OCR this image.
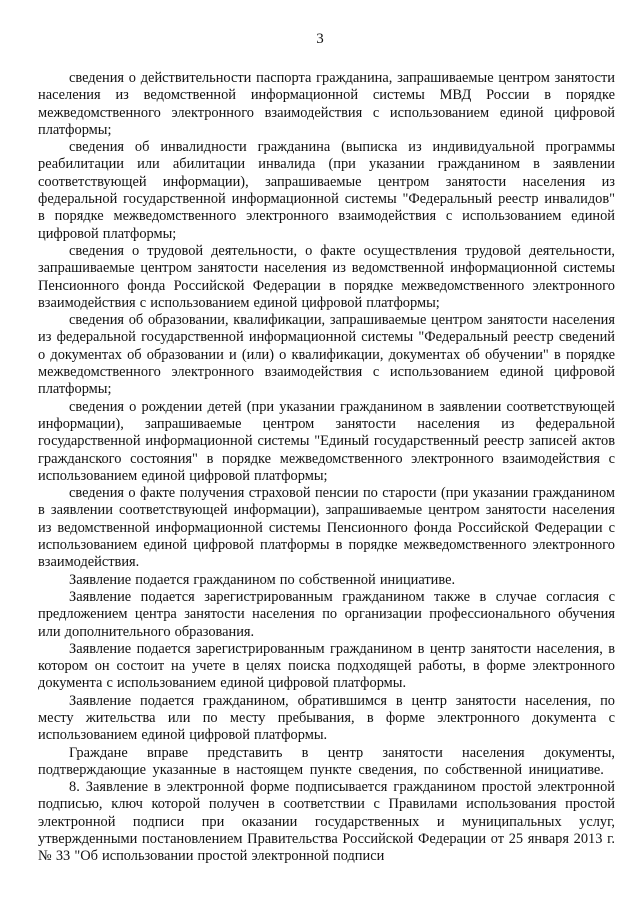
3

сведения о действительности паспорта гражданина, запрашиваемые центром занятости населения из ведомственной информационной системы МВД России в порядке межведомственного электронного взаимодействия с использованием единой цифровой платформы;

сведения об инвалидности гражданина (выписка из индивидуальной программы реабилитации или абилитации инвалида (при указании гражданином в заявлении соответствующей информации), запрашиваемые центром занятости населения из федеральной государственной информационной системы "Федеральный реестр инвалидов" в порядке межведомственного электронного взаимодействия с использованием единой цифровой платформы;

сведения о трудовой деятельности, о факте осуществления трудовой деятельности, запрашиваемые центром занятости населения из ведомственной информационной системы Пенсионного фонда Российской Федерации в порядке межведомственного электронного взаимодействия с использованием единой цифровой платформы;

сведения об образовании, квалификации, запрашиваемые центром занятости населения из федеральной государственной информационной системы "Федеральный реестр сведений о документах об образовании и (или) о квалификации, документах об обучении" в порядке межведомственного электронного взаимодействия с использованием единой цифровой платформы;

сведения о рождении детей (при указании гражданином в заявлении соответствующей информации), запрашиваемые центром занятости населения из федеральной государственной информационной системы "Единый государственный реестр записей актов гражданского состояния" в порядке межведомственного электронного взаимодействия с использованием единой цифровой платформы;

сведения о факте получения страховой пенсии по старости (при указании гражданином в заявлении соответствующей информации), запрашиваемые центром занятости населения из ведомственной информационной системы Пенсионного фонда Российской Федерации с использованием единой цифровой платформы в порядке межведомственного электронного взаимодействия.

Заявление подается гражданином по собственной инициативе.

Заявление подается зарегистрированным гражданином также в случае согласия с предложением центра занятости населения по организации профессионального обучения или дополнительного образования.

Заявление подается зарегистрированным гражданином в центр занятости населения, в котором он состоит на учете в целях поиска подходящей работы, в форме электронного документа с использованием единой цифровой платформы.

Заявление подается гражданином, обратившимся в центр занятости населения, по месту жительства или по месту пребывания, в форме электронного документа с использованием единой цифровой платформы.

Граждане вправе представить в центр занятости населения документы, подтверждающие указанные в настоящем пункте сведения, по собственной инициативе.

8. Заявление в электронной форме подписывается гражданином простой электронной подписью, ключ которой получен в соответствии с Правилами использования простой электронной подписи при оказании государственных и муниципальных услуг, утвержденными постановлением Правительства Российской Федерации от 25 января 2013 г. № 33 "Об использовании простой электронной подписи
